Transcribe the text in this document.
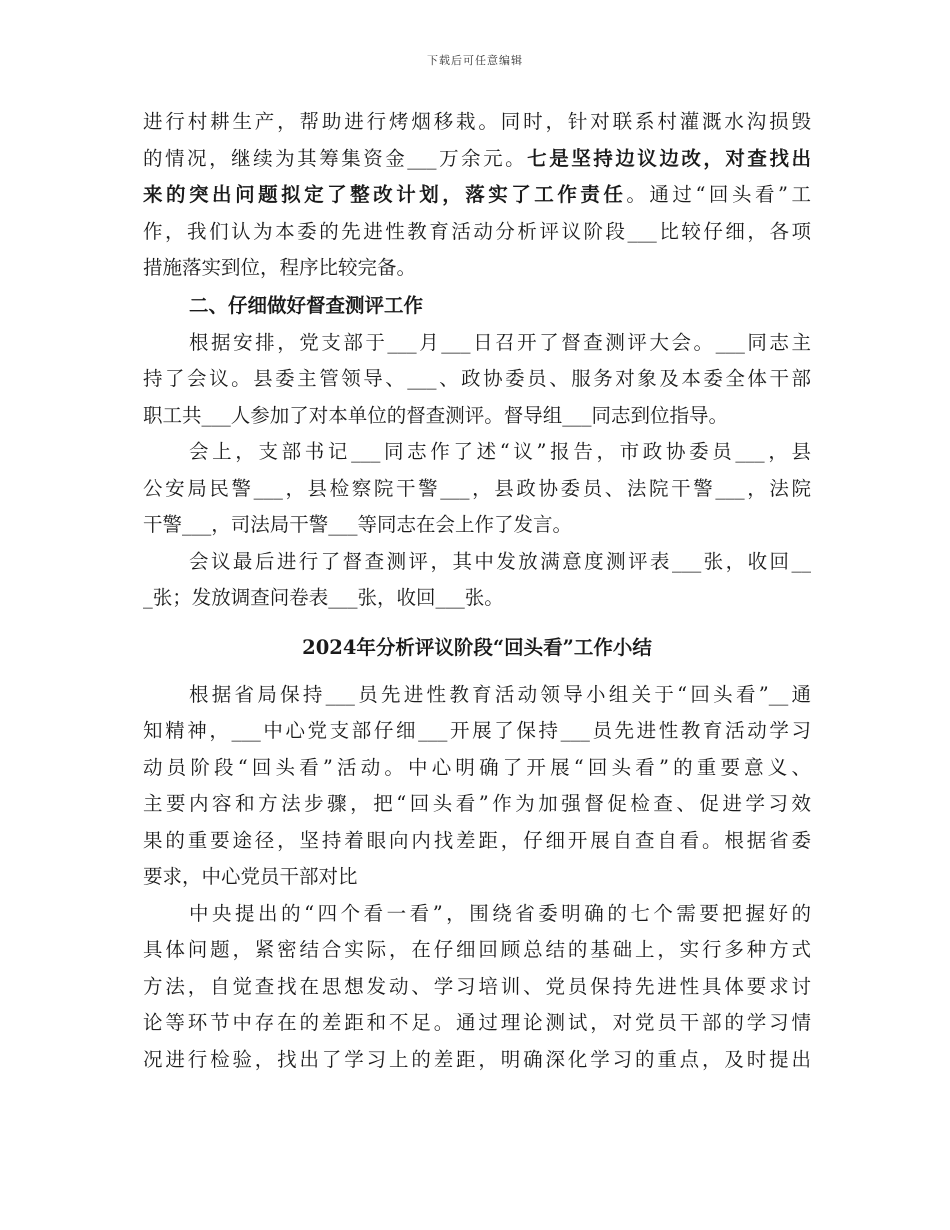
下载后可任意编辑
进行村耕生产，帮助进行烤烟移栽。同时，针对联系村灌溉水沟损毁
的情况，继续为其筹集资金___万余元。七是坚持边议边改，对查找出
来的突出问题拟定了整改计划，落实了工作责任。通过“回头看”工
作，我们认为本委的先进性教育活动分析评议阶段___比较仔细，各项
措施落实到位，程序比较完备。
二、仔细做好督查测评工作
根据安排，党支部于___月___日召开了督查测评大会。___同志主
持了会议。县委主管领导、___、政协委员、服务对象及本委全体干部
职工共___人参加了对本单位的督查测评。督导组___同志到位指导。
会上，支部书记___同志作了述“议”报告，市政协委员___，县
公安局民警___，县检察院干警___，县政协委员、法院干警___，法院
干警___，司法局干警___等同志在会上作了发言。
会议最后进行了督查测评，其中发放满意度测评表___张，收回__
_张；发放调查问卷表___张，收回___张。
2024年分析评议阶段“回头看”工作小结
根据省局保持___员先进性教育活动领导小组关于“回头看”__通
知精神，___中心党支部仔细___开展了保持___员先进性教育活动学习
动员阶段“回头看”活动。中心明确了开展“回头看”的重要意义、
主要内容和方法步骤，把“回头看”作为加强督促检查、促进学习效
果的重要途径，坚持着眼向内找差距，仔细开展自查自看。根据省委
要求，中心党员干部对比
中央提出的“四个看一看”，围绕省委明确的七个需要把握好的
具体问题，紧密结合实际，在仔细回顾总结的基础上，实行多种方式
方法，自觉查找在思想发动、学习培训、党员保持先进性具体要求讨
论等环节中存在的差距和不足。通过理论测试，对党员干部的学习情
况进行检验，找出了学习上的差距，明确深化学习的重点，及时提出
